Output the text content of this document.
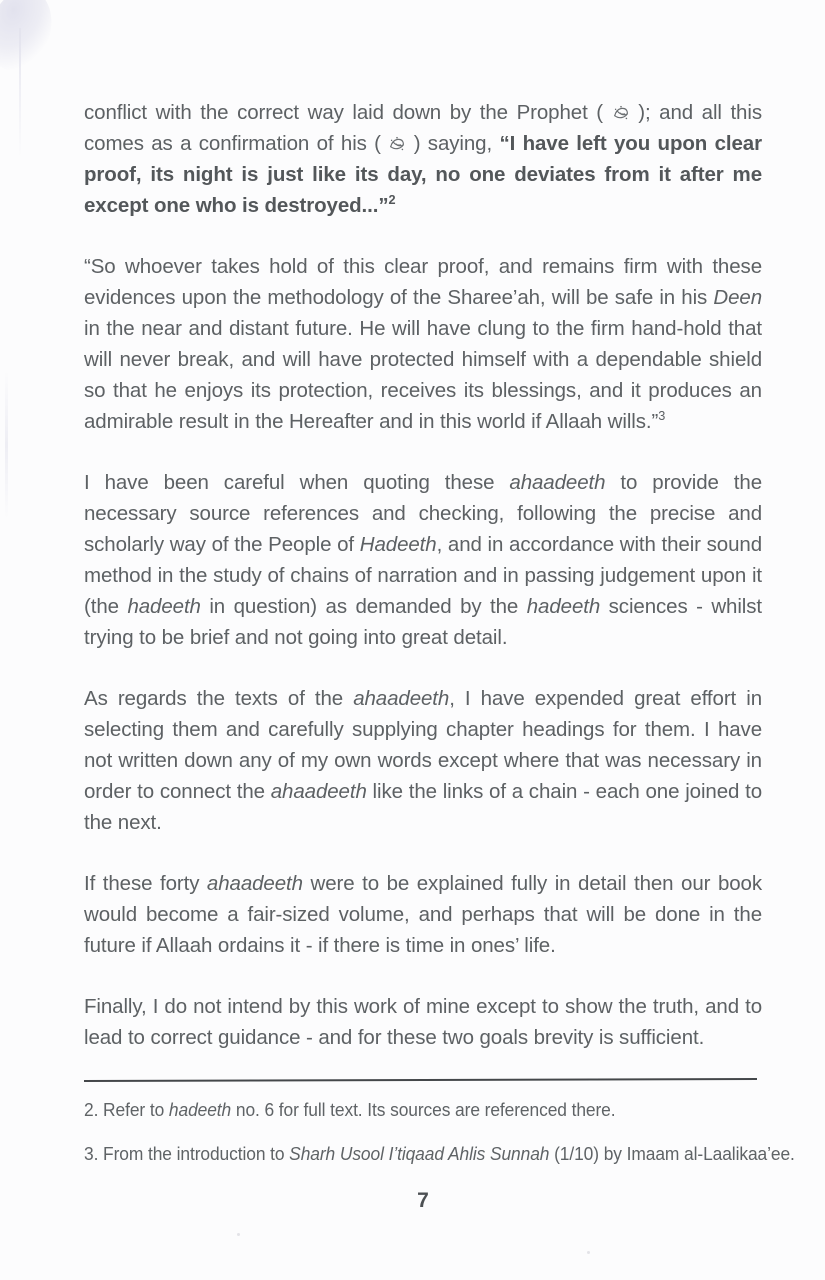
conflict with the correct way laid down by the Prophet ( ); and all this comes as a confirmation of his ( ) saying, “I have left you upon clear proof, its night is just like its day, no one deviates from it after me except one who is destroyed...”$^2$

“So whoever takes hold of this clear proof, and remains firm with these evidences upon the methodology of the Sharee’ah, will be safe in his Deen in the near and distant future. He will have clung to the firm hand-hold that will never break, and will have protected himself with a dependable shield so that he enjoys its protection, receives its blessings, and it produces an admirable result in the Hereafter and in this world if Allaah wills.”$^3$

I have been careful when quoting these ahaadeeth to provide the necessary source references and checking, following the precise and scholarly way of the People of Hadeeth, and in accordance with their sound method in the study of chains of narration and in passing judgement upon it (the hadeeth in question) as demanded by the hadeeth sciences - whilst trying to be brief and not going into great detail.

As regards the texts of the ahaadeeth, I have expended great effort in selecting them and carefully supplying chapter headings for them. I have not written down any of my own words except where that was necessary in order to connect the ahaadeeth like the links of a chain - each one joined to the next.

If these forty ahaadeeth were to be explained fully in detail then our book would become a fair-sized volume, and perhaps that will be done in the future if Allaah ordains it - if there is time in ones’ life.

Finally, I do not intend by this work of mine except to show the truth, and to lead to correct guidance - and for these two goals brevity is sufficient.

2. Refer to hadeeth no. 6 for full text. Its sources are referenced there.
3. From the introduction to Sharh Usool I’tiqaad Ahlis Sunnah (1/10) by Imaam al-Laalikaa’ee.
7
